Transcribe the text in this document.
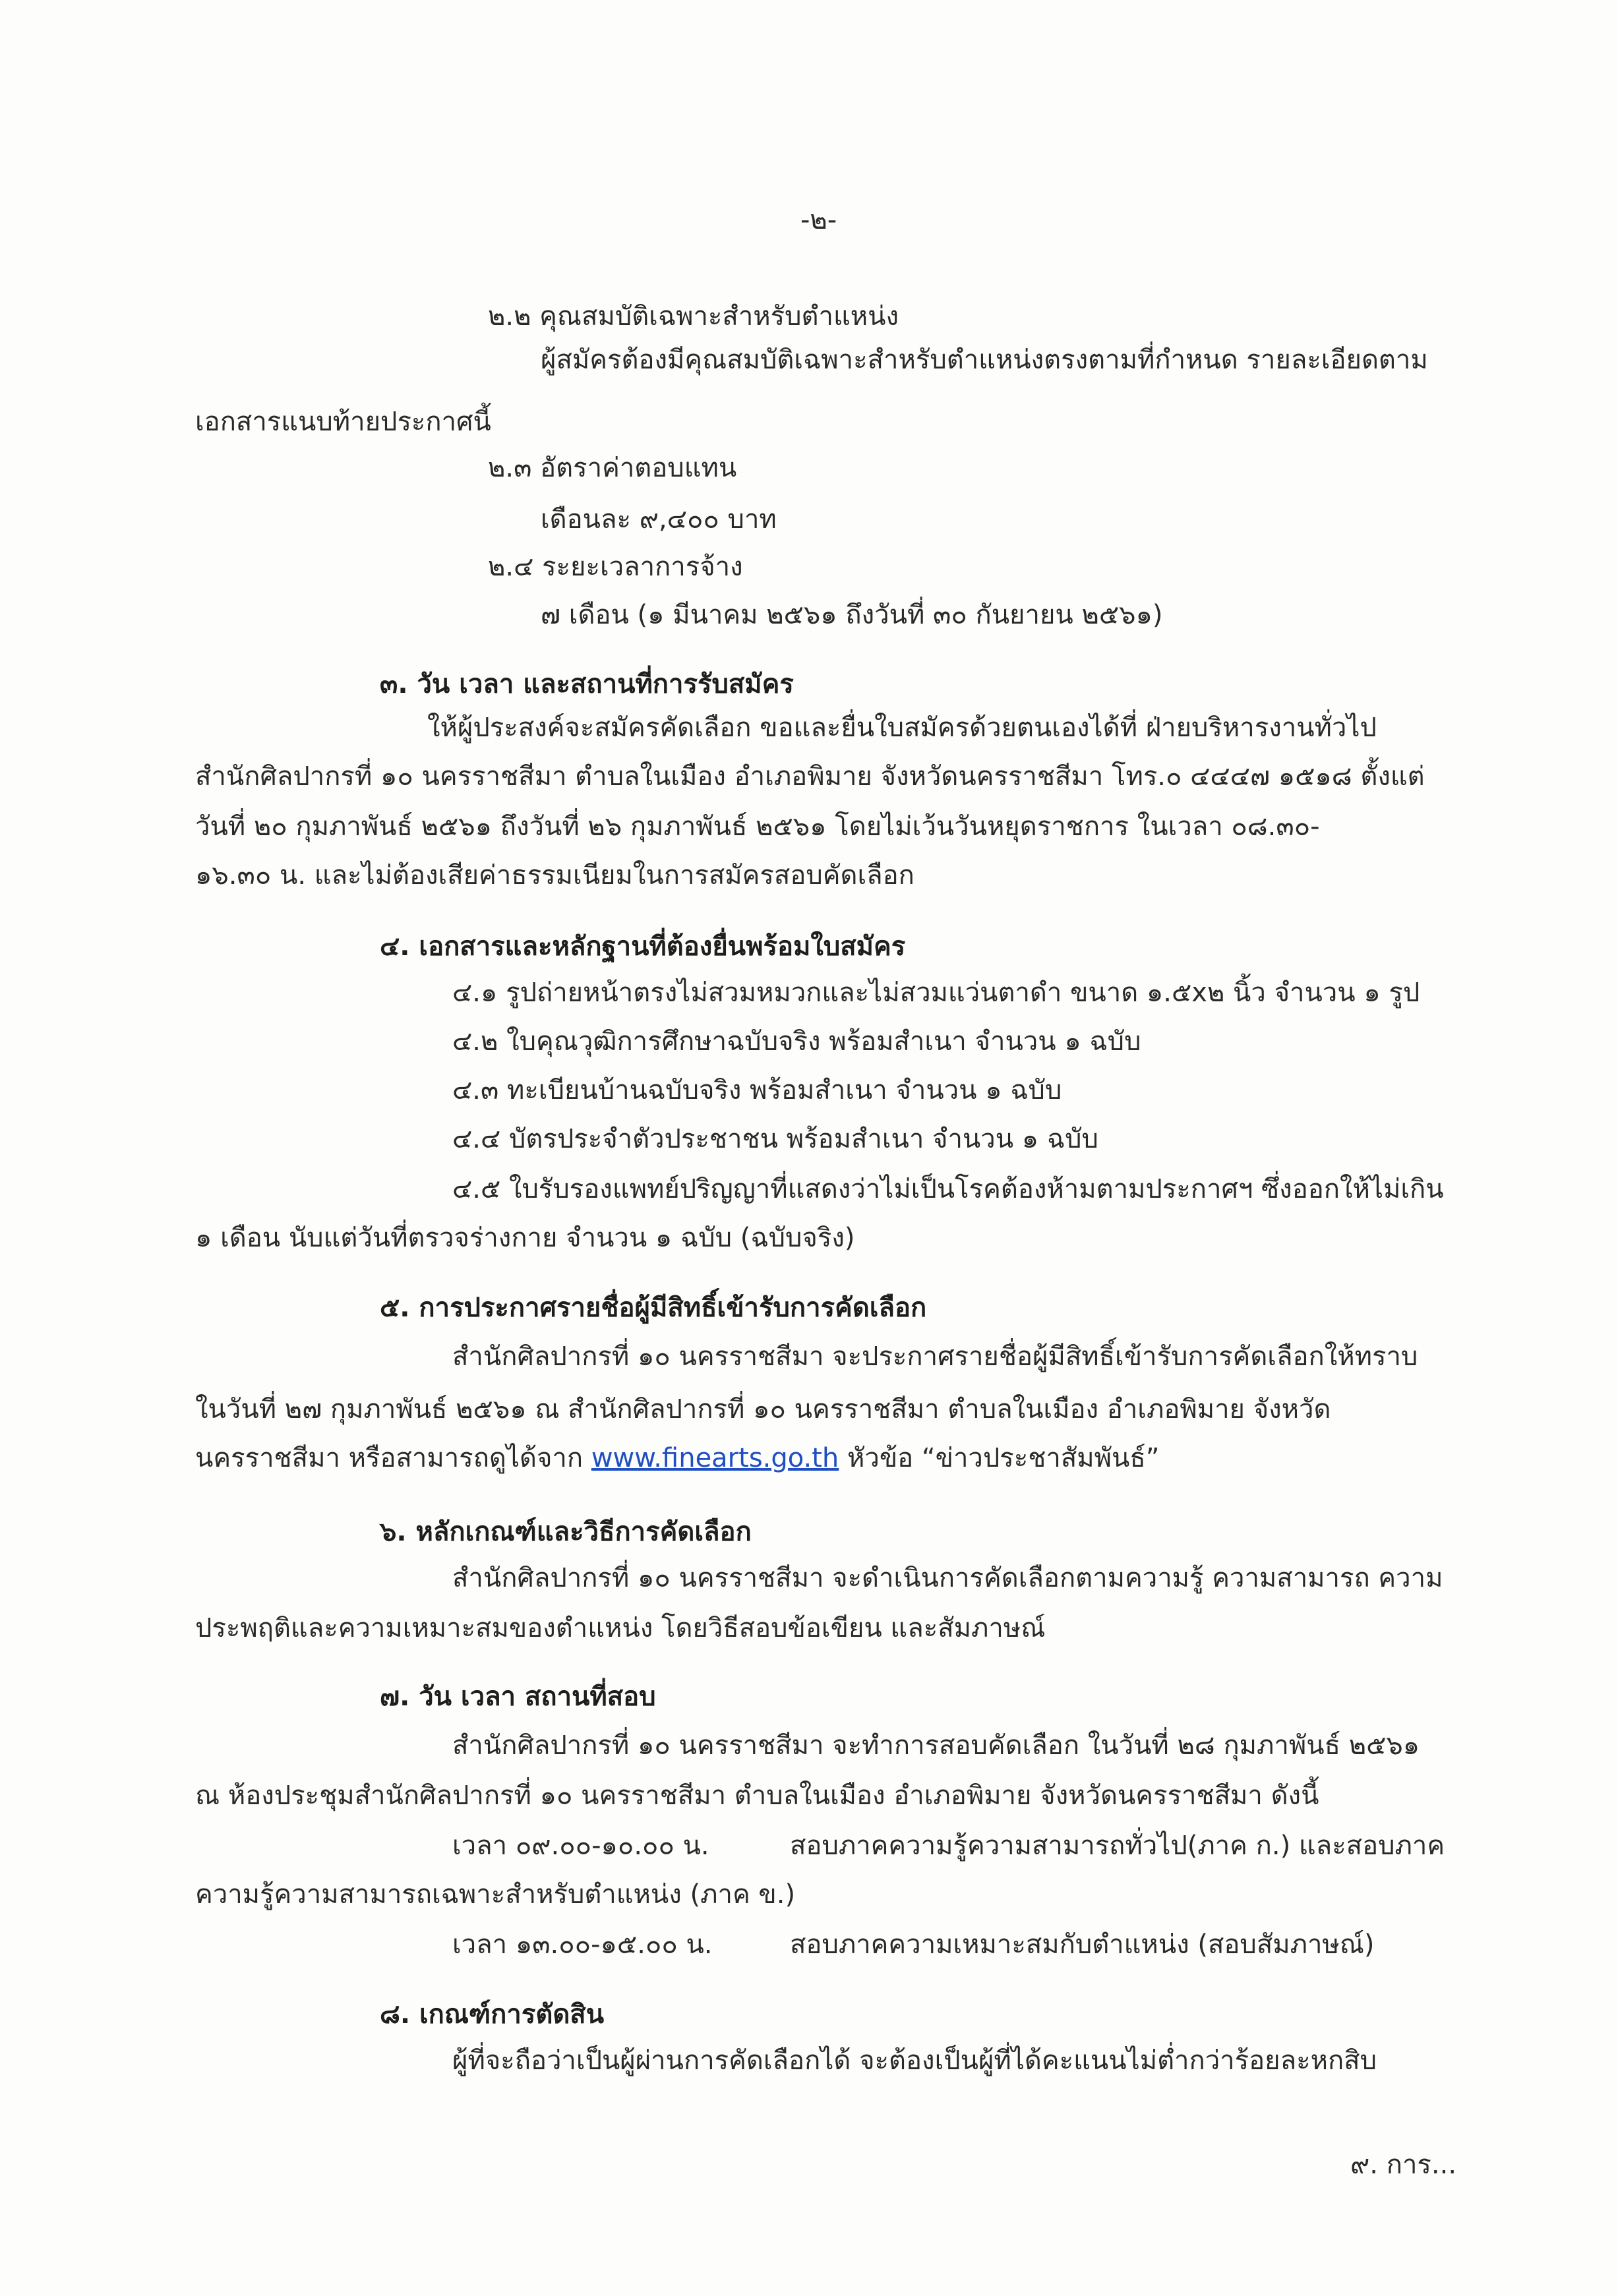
-๒-
๒.๒ คุณสมบัติเฉพาะสำหรับตำแหน่ง
ผู้สมัครต้องมีคุณสมบัติเฉพาะสำหรับตำแหน่งตรงตามที่กำหนด รายละเอียดตาม
เอกสารแนบท้ายประกาศนี้
๒.๓ อัตราค่าตอบแทน
เดือนละ ๙,๔๐๐ บาท
๒.๔ ระยะเวลาการจ้าง
๗ เดือน (๑ มีนาคม ๒๕๖๑ ถึงวันที่ ๓๐ กันยายน ๒๕๖๑)
๓. วัน เวลา และสถานที่การรับสมัคร
ให้ผู้ประสงค์จะสมัครคัดเลือก ขอและยื่นใบสมัครด้วยตนเองได้ที่ ฝ่ายบริหารงานทั่วไป
สำนักศิลปากรที่ ๑๐ นครราชสีมา ตำบลในเมือง อำเภอพิมาย จังหวัดนครราชสีมา โทร.๐ ๔๔๔๗ ๑๕๑๘ ตั้งแต่
วันที่ ๒๐ กุมภาพันธ์ ๒๕๖๑ ถึงวันที่ ๒๖ กุมภาพันธ์ ๒๕๖๑ โดยไม่เว้นวันหยุดราชการ ในเวลา ๐๘.๓๐-
๑๖.๓๐ น. และไม่ต้องเสียค่าธรรมเนียมในการสมัครสอบคัดเลือก
๔. เอกสารและหลักฐานที่ต้องยื่นพร้อมใบสมัคร
๔.๑ รูปถ่ายหน้าตรงไม่สวมหมวกและไม่สวมแว่นตาดำ ขนาด ๑.๕x๒ นิ้ว จำนวน ๑ รูป
๔.๒ ใบคุณวุฒิการศึกษาฉบับจริง พร้อมสำเนา จำนวน ๑ ฉบับ
๔.๓ ทะเบียนบ้านฉบับจริง พร้อมสำเนา จำนวน ๑ ฉบับ
๔.๔ บัตรประจำตัวประชาชน พร้อมสำเนา จำนวน ๑ ฉบับ
๔.๕ ใบรับรองแพทย์ปริญญาที่แสดงว่าไม่เป็นโรคต้องห้ามตามประกาศฯ ซึ่งออกให้ไม่เกิน
๑ เดือน นับแต่วันที่ตรวจร่างกาย จำนวน ๑ ฉบับ (ฉบับจริง)
๕. การประกาศรายชื่อผู้มีสิทธิ์เข้ารับการคัดเลือก
สำนักศิลปากรที่ ๑๐ นครราชสีมา จะประกาศรายชื่อผู้มีสิทธิ์เข้ารับการคัดเลือกให้ทราบ
ในวันที่ ๒๗ กุมภาพันธ์ ๒๕๖๑ ณ สำนักศิลปากรที่ ๑๐ นครราชสีมา ตำบลในเมือง อำเภอพิมาย จังหวัด
นครราชสีมา หรือสามารถดูได้จาก www.finearts.go.th หัวข้อ “ข่าวประชาสัมพันธ์”
๖. หลักเกณฑ์และวิธีการคัดเลือก
สำนักศิลปากรที่ ๑๐ นครราชสีมา จะดำเนินการคัดเลือกตามความรู้ ความสามารถ ความ
ประพฤติและความเหมาะสมของตำแหน่ง โดยวิธีสอบข้อเขียน และสัมภาษณ์
๗. วัน เวลา สถานที่สอบ
สำนักศิลปากรที่ ๑๐ นครราชสีมา จะทำการสอบคัดเลือก ในวันที่ ๒๘ กุมภาพันธ์ ๒๕๖๑
ณ ห้องประชุมสำนักศิลปากรที่ ๑๐ นครราชสีมา ตำบลในเมือง อำเภอพิมาย จังหวัดนครราชสีมา ดังนี้
เวลา ๐๙.๐๐-๑๐.๐๐ น.	สอบภาคความรู้ความสามารถทั่วไป(ภาค ก.) และสอบภาค
ความรู้ความสามารถเฉพาะสำหรับตำแหน่ง (ภาค ข.)
เวลา ๑๓.๐๐-๑๕.๐๐ น.	สอบภาคความเหมาะสมกับตำแหน่ง (สอบสัมภาษณ์)
๘. เกณฑ์การตัดสิน
ผู้ที่จะถือว่าเป็นผู้ผ่านการคัดเลือกได้ จะต้องเป็นผู้ที่ได้คะแนนไม่ต่ำกว่าร้อยละหกสิบ
๙. การ...
